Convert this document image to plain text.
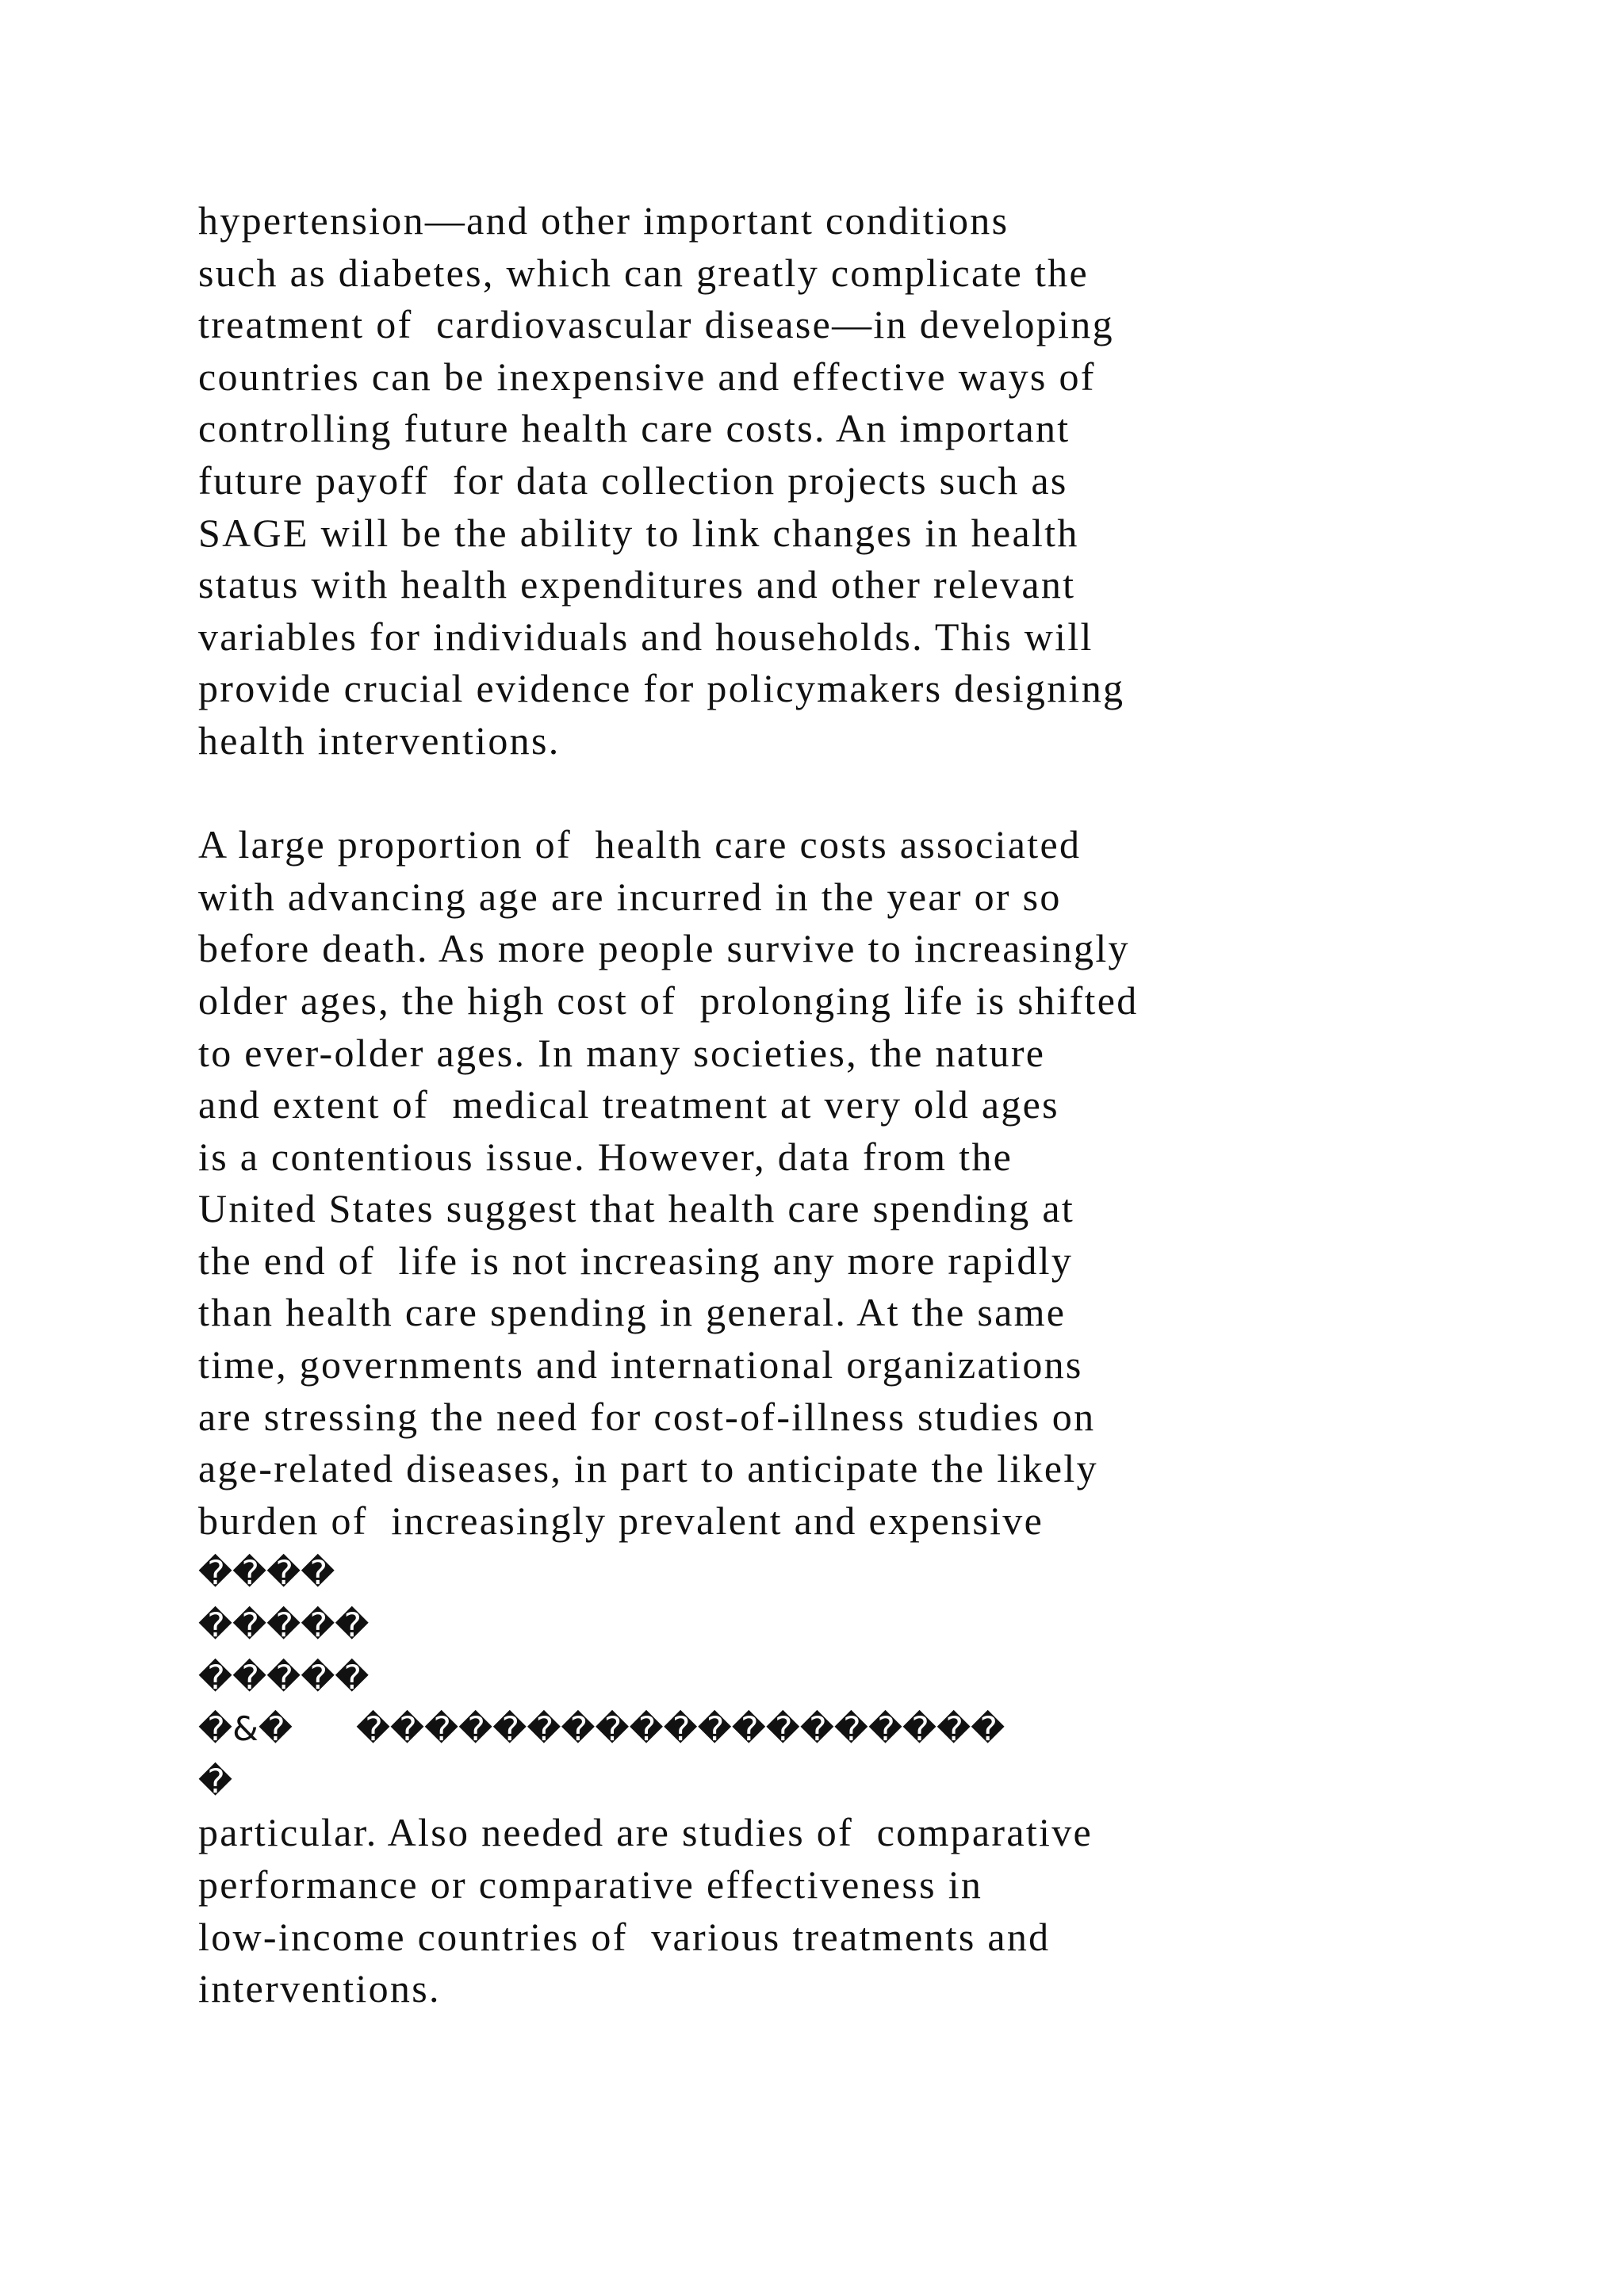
hypertension—and other important conditions
such as diabetes, which can greatly complicate the
treatment of  cardiovascular disease—in developing
countries can be inexpensive and effective ways of
controlling future health care costs. An important
future payoff  for data collection projects such as
SAGE will be the ability to link changes in health
status with health expenditures and other relevant
variables for individuals and households. This will
provide crucial evidence for policymakers designing
health interventions.
A large proportion of  health care costs associated
with advancing age are incurred in the year or so
before death. As more people survive to increasingly
older ages, the high cost of  prolonging life is shifted
to ever-older ages. In many societies, the nature
and extent of  medical treatment at very old ages
is a contentious issue. However, data from the
United States suggest that health care spending at
the end of  life is not increasing any more rapidly
than health care spending in general. At the same
time, governments and international organizations
are stressing the need for cost-of-illness studies on
age-related diseases, in part to anticipate the likely
burden of  increasingly prevalent and expensive
����
�����
�����
�&�      �������������������
�
particular. Also needed are studies of  comparative
performance or comparative effectiveness in
low-income countries of  various treatments and
interventions.
